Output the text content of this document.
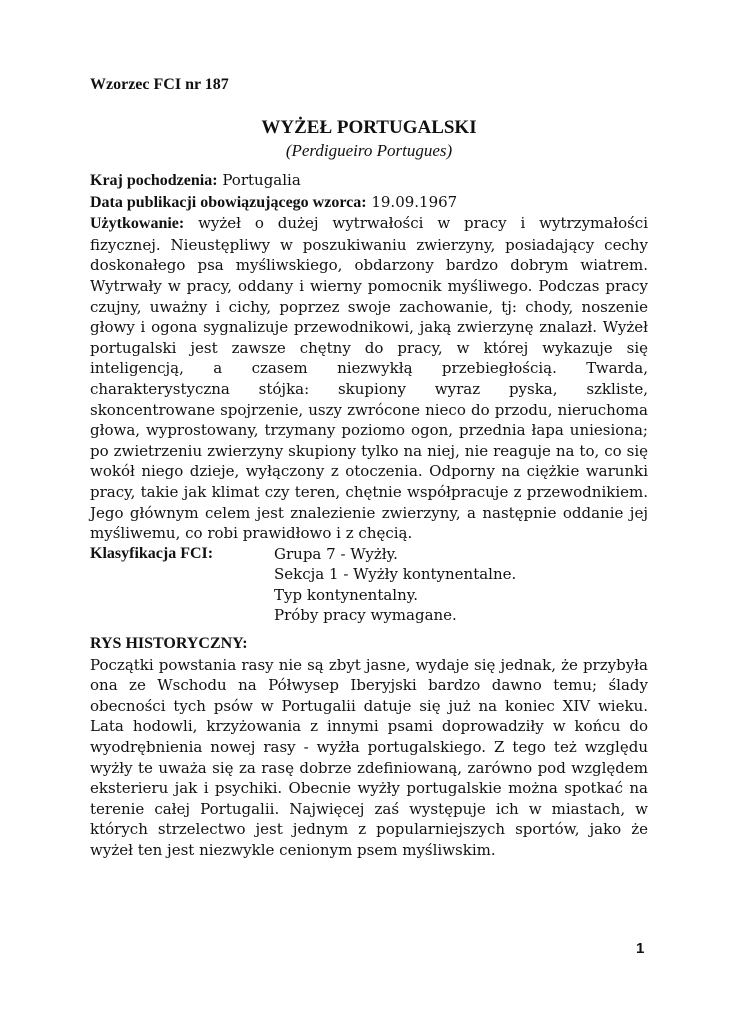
Wzorzec FCI nr 187

WYŻEŁ PORTUGALSKI

(Perdigueiro Portugues)

Kraj pochodzenia: Portugalia

Data publikacji obowiązującego wzorca: 19.09.1967

Użytkowanie: wyżeł o dużej wytrwałości w pracy i wytrzymałości fizycznej. Nieustępliwy w poszukiwaniu zwierzyny, posiadający cechy doskonałego psa myśliwskiego, obdarzony bardzo dobrym wiatrem. Wytrwały w pracy, oddany i wierny pomocnik myśliwego. Podczas pracy czujny, uważny i cichy, poprzez swoje zachowanie, tj: chody, noszenie głowy i ogona sygnalizuje przewodnikowi, jaką zwierzynę znalazł. Wyżeł portugalski jest zawsze chętny do pracy, w której wykazuje się inteligencją, a czasem niezwykłą przebiegłością. Twarda, charakterystyczna stójka: skupiony wyraz pyska, szkliste, skoncentrowane spojrzenie, uszy zwrócone nieco do przodu, nieruchoma głowa, wyprostowany, trzymany poziomo ogon, przednia łapa uniesiona; po zwietrzeniu zwierzyny skupiony tylko na niej, nie reaguje na to, co się wokół niego dzieje, wyłączony z otoczenia. Odporny na ciężkie warunki pracy, takie jak klimat czy teren, chętnie współpracuje z przewodnikiem. Jego głównym celem jest znalezienie zwierzyny, a następnie oddanie jej myśliwemu, co robi prawidłowo i z chęcią.

Klasyfikacja FCI:	Grupa 7 - Wyżły.
Sekcja 1 - Wyżły kontynentalne.
Typ kontynentalny.
Próby pracy wymagane.

RYS HISTORYCZNY:

Początki powstania rasy nie są zbyt jasne, wydaje się jednak, że przybyła ona ze Wschodu na Półwysep Iberyjski bardzo dawno temu; ślady obecności tych psów w Portugalii datuje się już na koniec XIV wieku. Lata hodowli, krzyżowania z innymi psami doprowadziły w końcu do wyodrębnienia nowej rasy - wyżła portugalskiego. Z tego też względu wyżły te uważa się za rasę dobrze zdefiniowaną, zarówno pod względem eksterieru jak i psychiki. Obecnie wyżły portugalskie można spotkać na terenie całej Portugalii. Najwięcej zaś występuje ich w miastach, w których strzelectwo jest jednym z popularniejszych sportów, jako że wyżeł ten jest niezwykle cenionym psem myśliwskim.

1
